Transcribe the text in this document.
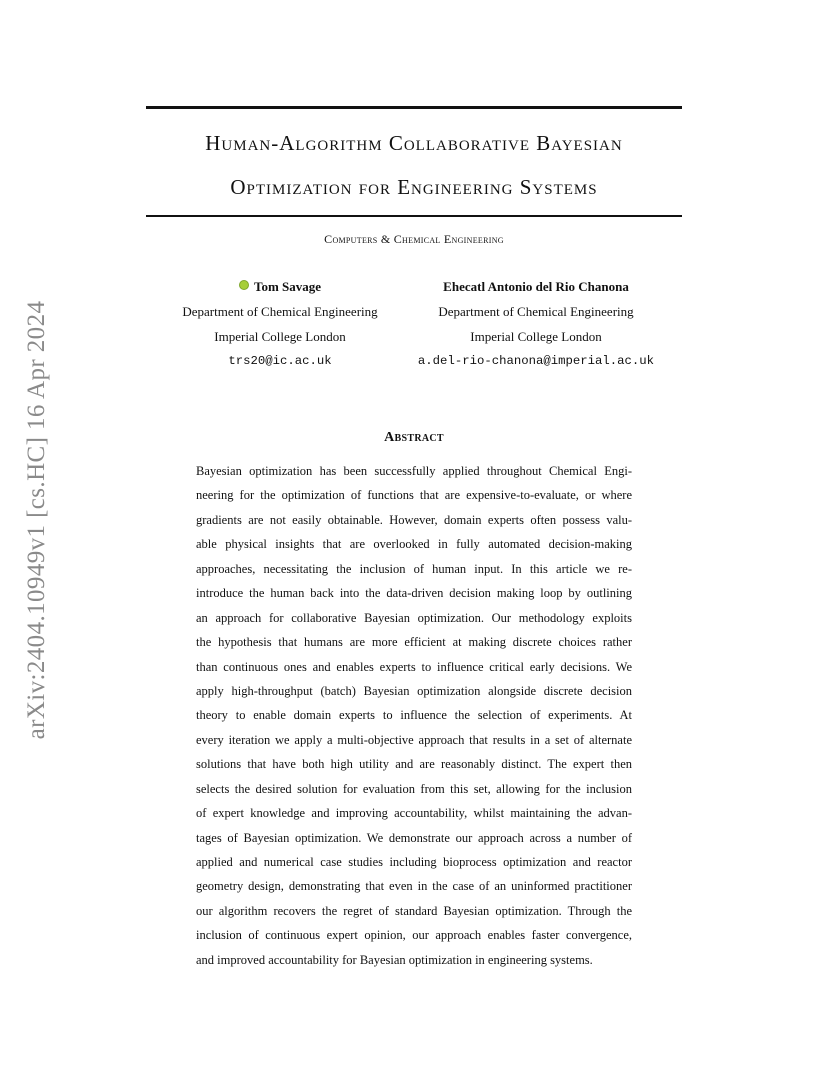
arXiv:2404.10949v1 [cs.HC] 16 Apr 2024
Human-Algorithm Collaborative Bayesian
Optimization for Engineering Systems
Computers & Chemical Engineering
Tom Savage
Department of Chemical Engineering
Imperial College London
trs20@ic.ac.uk
Ehecatl Antonio del Rio Chanona
Department of Chemical Engineering
Imperial College London
a.del-rio-chanona@imperial.ac.uk
Abstract
Bayesian optimization has been successfully applied throughout Chemical Engi-
neering for the optimization of functions that are expensive-to-evaluate, or where
gradients are not easily obtainable. However, domain experts often possess valu-
able physical insights that are overlooked in fully automated decision-making
approaches, necessitating the inclusion of human input. In this article we re-
introduce the human back into the data-driven decision making loop by outlining
an approach for collaborative Bayesian optimization. Our methodology exploits
the hypothesis that humans are more efficient at making discrete choices rather
than continuous ones and enables experts to influence critical early decisions. We
apply high-throughput (batch) Bayesian optimization alongside discrete decision
theory to enable domain experts to influence the selection of experiments. At
every iteration we apply a multi-objective approach that results in a set of alternate
solutions that have both high utility and are reasonably distinct. The expert then
selects the desired solution for evaluation from this set, allowing for the inclusion
of expert knowledge and improving accountability, whilst maintaining the advan-
tages of Bayesian optimization. We demonstrate our approach across a number of
applied and numerical case studies including bioprocess optimization and reactor
geometry design, demonstrating that even in the case of an uninformed practitioner
our algorithm recovers the regret of standard Bayesian optimization. Through the
inclusion of continuous expert opinion, our approach enables faster convergence,
and improved accountability for Bayesian optimization in engineering systems.
